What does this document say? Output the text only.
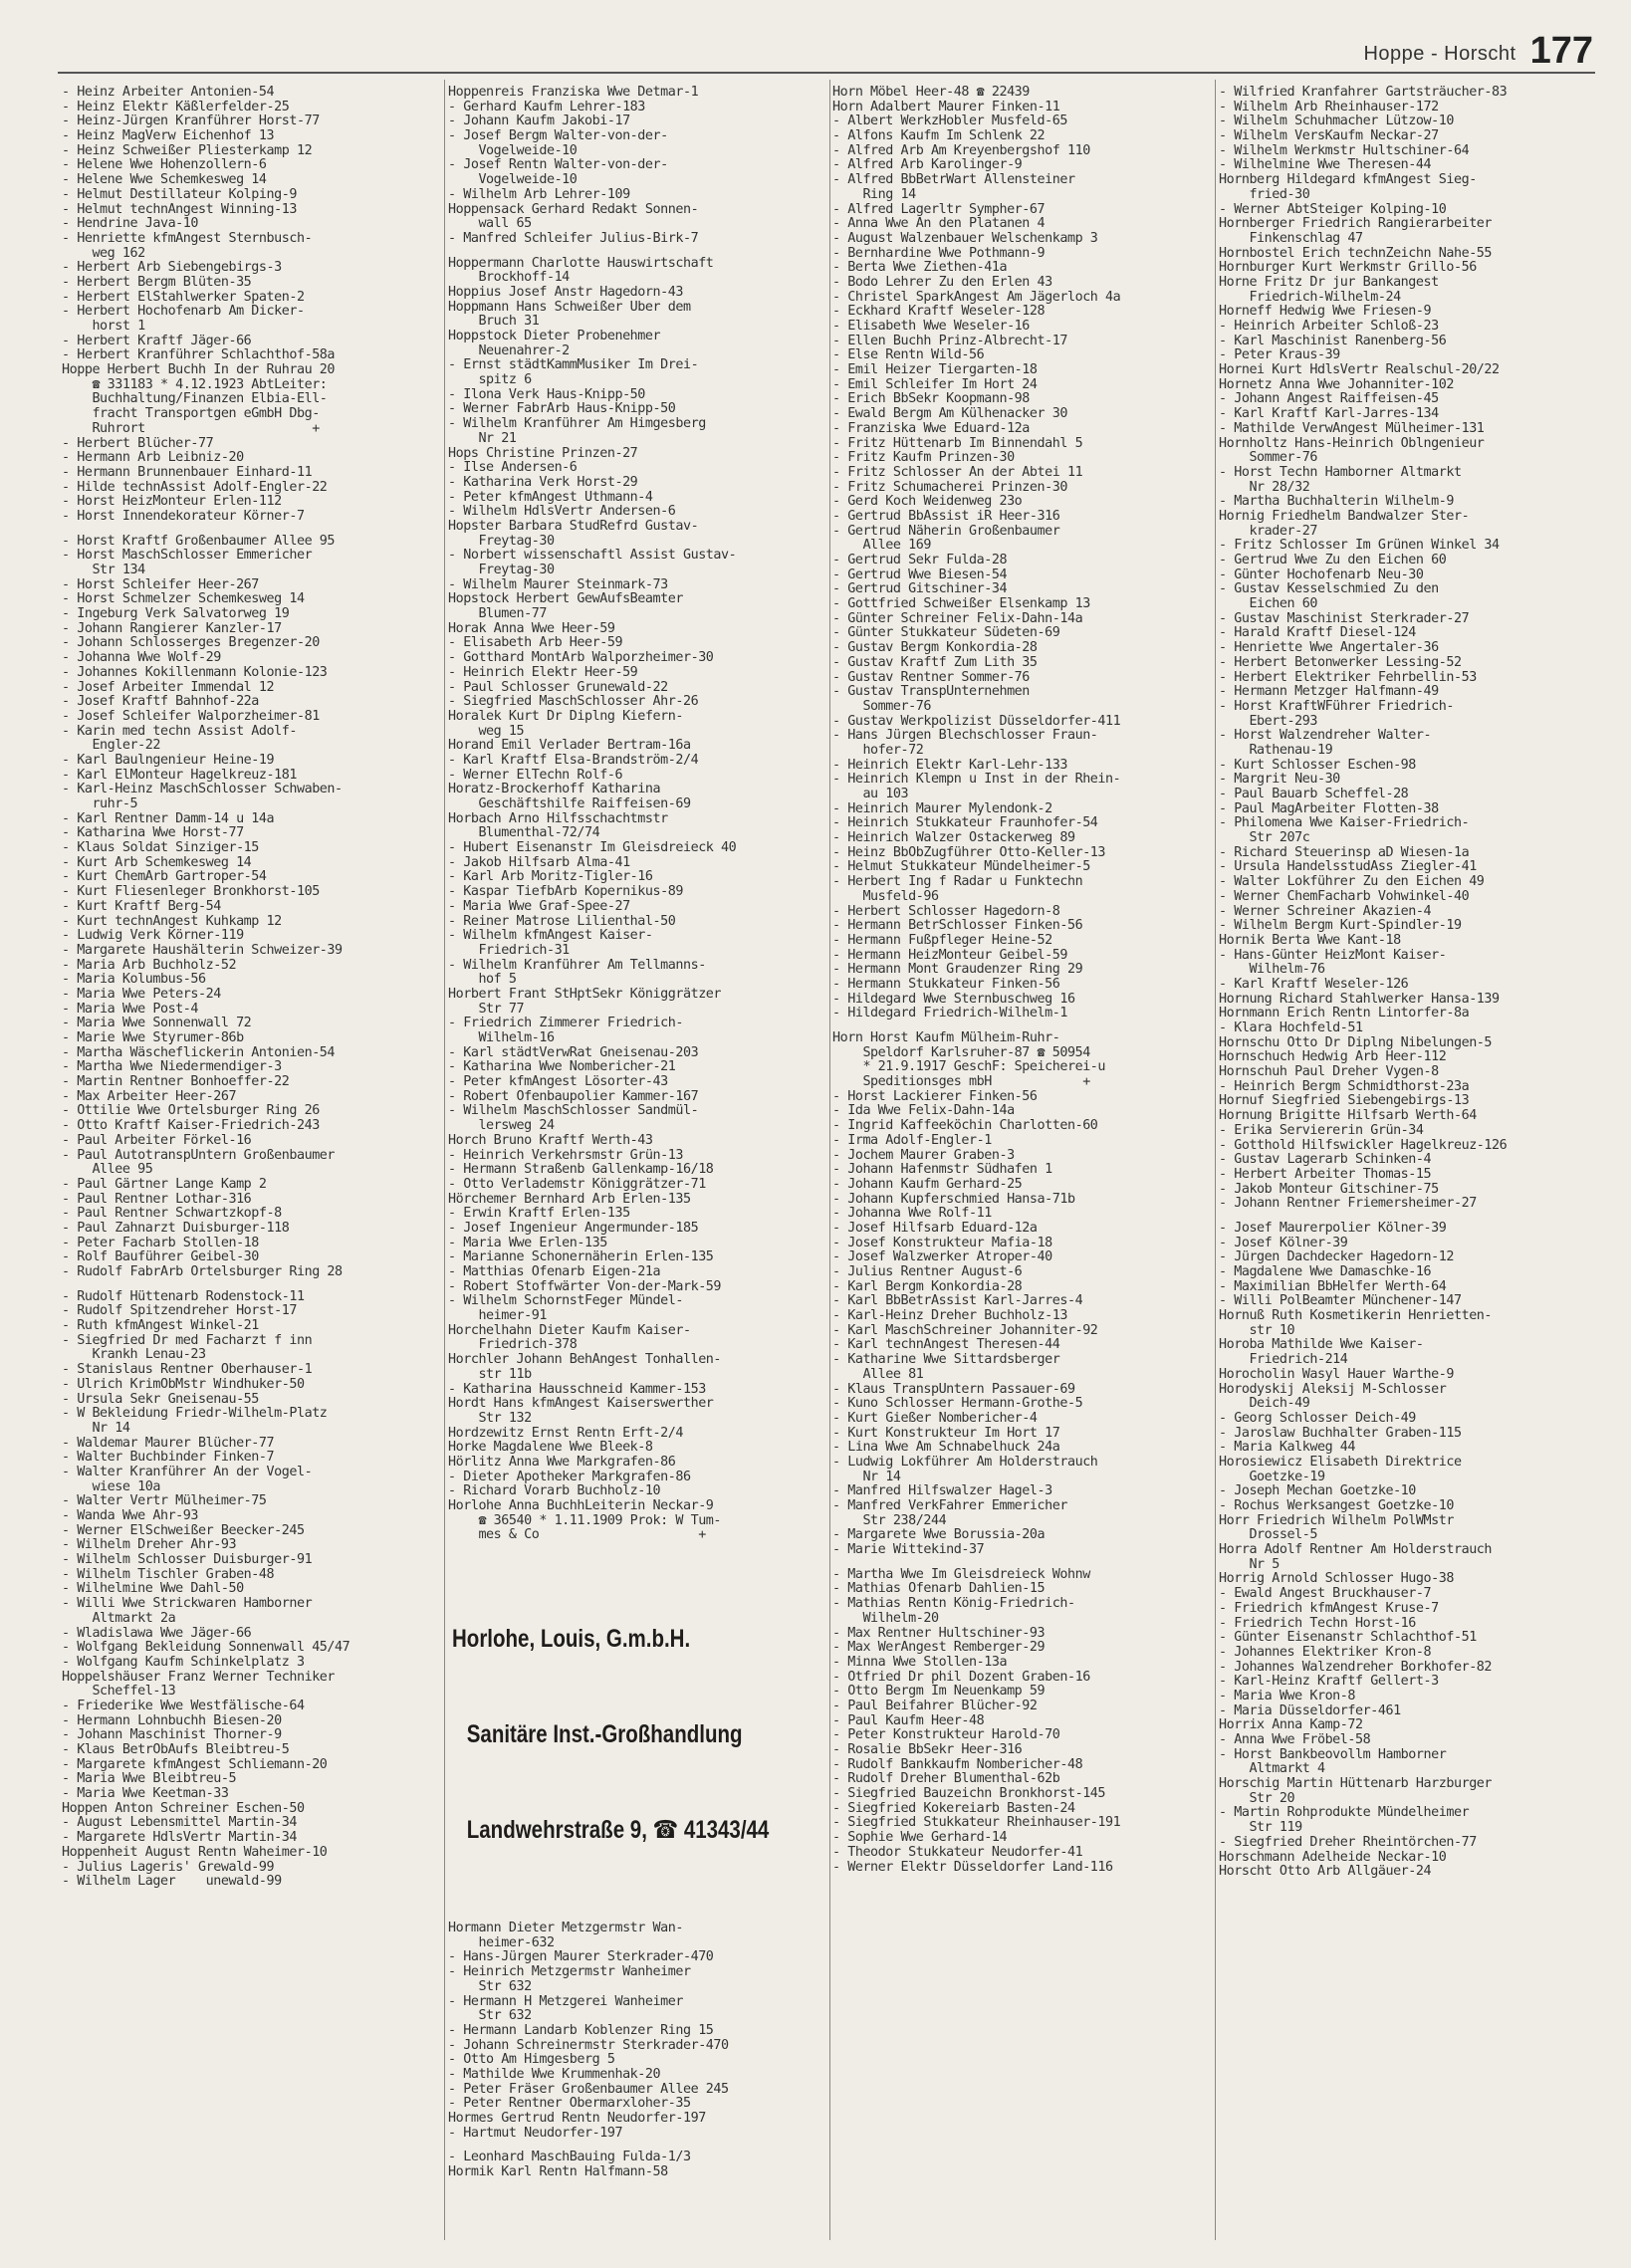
Hoppe - Horscht 177
- Heinz Arbeiter Antonien-54
- Heinz Elektr Käßlerfelder-25
- Heinz-Jürgen Kranführer Horst-77
- Heinz MagVerw Eichenhof 13
- Heinz Schweißer Pliesterkamp 12
- Helene Wwe Hohenzollern-6
- Helene Wwe Schemkesweg 14
- Helmut Destillateur Kolping-9
- Helmut technAngest Winning-13
- Hendrine Java-10
- Henriette kfmAngest Sternbusch-
weg 162
- Herbert Arb Siebengebirgs-3
- Herbert Bergm Blüten-35
- Herbert ElStahlwerker Spaten-2
- Herbert Hochofenarb Am Dicker-
horst 1
- Herbert Kraftf Jäger-66
- Herbert Kranführer Schlachthof-58a
Hoppe Herbert Buchh In der Ruhrau 20
☎ 331183 * 4.12.1923 AbtLeiter:
Buchhaltung/Finanzen Elbia-Ell-
fracht Transportgen eGmbH Dbg-
Ruhrort                      +
- Herbert Blücher-77
- Hermann Arb Leibniz-20
- Hermann Brunnenbauer Einhard-11
- Hilde technAssist Adolf-Engler-22
- Horst HeizMonteur Erlen-112
- Horst Innendekorateur Körner-7
- Horst Kraftf Großenbaumer Allee 95
- Horst MaschSchlosser Emmericher
Str 134
- Horst Schleifer Heer-267
- Horst Schmelzer Schemkesweg 14
- Ingeburg Verk Salvatorweg 19
- Johann Rangierer Kanzler-17
- Johann Schlosserges Bregenzer-20
- Johanna Wwe Wolf-29
- Johannes Kokillenmann Kolonie-123
- Josef Arbeiter Immendal 12
- Josef Kraftf Bahnhof-22a
- Josef Schleifer Walporzheimer-81
- Karin med techn Assist Adolf-
Engler-22
- Karl Baulngenieur Heine-19
- Karl ElMonteur Hagelkreuz-181
- Karl-Heinz MaschSchlosser Schwaben-
ruhr-5
- Karl Rentner Damm-14 u 14a
- Katharina Wwe Horst-77
- Klaus Soldat Sinziger-15
- Kurt Arb Schemkesweg 14
- Kurt ChemArb Gartroper-54
- Kurt Fliesenleger Bronkhorst-105
- Kurt Kraftf Berg-54
- Kurt technAngest Kuhkamp 12
- Ludwig Verk Körner-119
- Margarete Haushälterin Schweizer-39
- Maria Arb Buchholz-52
- Maria Kolumbus-56
- Maria Wwe Peters-24
- Maria Wwe Post-4
- Maria Wwe Sonnenwall 72
- Marie Wwe Styrumer-86b
- Martha Wäscheflickerin Antonien-54
- Martha Wwe Niedermendiger-3
- Martin Rentner Bonhoeffer-22
- Max Arbeiter Heer-267
- Ottilie Wwe Ortelsburger Ring 26
- Otto Kraftf Kaiser-Friedrich-243
- Paul Arbeiter Förkel-16
- Paul AutotranspUntern Großenbaumer
Allee 95
- Paul Gärtner Lange Kamp 2
- Paul Rentner Lothar-316
- Paul Rentner Schwartzkopf-8
- Paul Zahnarzt Duisburger-118
- Peter Facharb Stollen-18
- Rolf Bauführer Geibel-30
- Rudolf FabrArb Ortelsburger Ring 28
- Rudolf Hüttenarb Rodenstock-11
- Rudolf Spitzendreher Horst-17
- Ruth kfmAngest Winkel-21
- Siegfried Dr med Facharzt f inn
Krankh Lenau-23
- Stanislaus Rentner Oberhauser-1
- Ulrich KrimObMstr Windhuker-50
- Ursula Sekr Gneisenau-55
- W Bekleidung Friedr-Wilhelm-Platz
Nr 14
- Waldemar Maurer Blücher-77
- Walter Buchbinder Finken-7
- Walter Kranführer An der Vogel-
wiese 10a
- Walter Vertr Mülheimer-75
- Wanda Wwe Ahr-93
- Werner ElSchweißer Beecker-245
- Wilhelm Dreher Ahr-93
- Wilhelm Schlosser Duisburger-91
- Wilhelm Tischler Graben-48
- Wilhelmine Wwe Dahl-50
- Willi Wwe Strickwaren Hamborner
Altmarkt 2a
- Wladislawa Wwe Jäger-66
- Wolfgang Bekleidung Sonnenwall 45/47
- Wolfgang Kaufm Schinkelplatz 3
Hoppelshäuser Franz Werner Techniker
Scheffel-13
- Friederike Wwe Westfälische-64
- Hermann Lohnbuchh Biesen-20
- Johann Maschinist Thorner-9
- Klaus BetrObAufs Bleibtreu-5
- Margarete kfmAngest Schliemann-20
- Maria Wwe Bleibtreu-5
- Maria Wwe Keetman-33
Hoppen Anton Schreiner Eschen-50
- August Lebensmittel Martin-34
- Margarete HdlsVertr Martin-34
Hoppenheit August Rentn Waheimer-10
- Julius Lageris' Grewald-99
- Wilhelm Lager    unewald-99
Hoppenreis Franziska Wwe Detmar-1
- Gerhard Kaufm Lehrer-183
- Johann Kaufm Jakobi-17
- Josef Bergm Walter-von-der-
Vogelweide-10
- Josef Rentn Walter-von-der-
Vogelweide-10
- Wilhelm Arb Lehrer-109
Hoppensack Gerhard Redakt Sonnen-
wall 65
- Manfred Schleifer Julius-Birk-7
Hoppermann Charlotte Hauswirtschaft
Brockhoff-14
Hoppius Josef Anstr Hagedorn-43
Hoppmann Hans Schweißer Über dem
Bruch 31
Hoppstock Dieter Probenehmer
Neuenahrer-2
- Ernst städtKammMusiker Im Drei-
spitz 6
- Ilona Verk Haus-Knipp-50
- Werner FabrArb Haus-Knipp-50
- Wilhelm Kranführer Am Himgesberg
Nr 21
Hops Christine Prinzen-27
- Ilse Andersen-6
- Katharina Verk Horst-29
- Peter kfmAngest Uthmann-4
- Wilhelm HdlsVertr Andersen-6
Hopster Barbara StudRefrd Gustav-
Freytag-30
- Norbert wissenschaftl Assist Gustav-
Freytag-30
- Wilhelm Maurer Steinmark-73
Hopstock Herbert GewAufsBeamter
Blumen-77
Horak Anna Wwe Heer-59
- Elisabeth Arb Heer-59
- Gotthard MontArb Walporzheimer-30
- Heinrich Elektr Heer-59
- Paul Schlosser Grunewald-22
- Siegfried MaschSchlosser Ahr-26
Horalek Kurt Dr Diplng Kiefern-
weg 15
Horand Emil Verlader Bertram-16a
- Karl Kraftf Elsa-Brandström-2/4
- Werner ElTechn Rolf-6
Horatz-Brockerhoff Katharina
Geschäftshilfe Raiffeisen-69
Horbach Arno Hilfsschachtmstr
Blumenthal-72/74
- Hubert Eisenanstr Im Gleisdreieck 40
- Jakob Hilfsarb Alma-41
- Karl Arb Moritz-Tigler-16
- Kaspar TiefbArb Kopernikus-89
- Maria Wwe Graf-Spee-27
- Reiner Matrose Lilienthal-50
- Wilhelm kfmAngest Kaiser-
Friedrich-31
- Wilhelm Kranführer Am Tellmanns-
hof 5
Horbert Frant StHptSekr Königgrätzer
Str 77
- Friedrich Zimmerer Friedrich-
Wilhelm-16
- Karl städtVerwRat Gneisenau-203
- Katharina Wwe Nombericher-21
- Peter kfmAngest Lösorter-43
- Robert Ofenbaupolier Kammer-167
- Wilhelm MaschSchlosser Sandmül-
lersweg 24
Horch Bruno Kraftf Werth-43
- Heinrich Verkehrsmstr Grün-13
- Hermann Straßenb Gallenkamp-16/18
- Otto Verlademstr Königgrätzer-71
Hörchemer Bernhard Arb Erlen-135
- Erwin Kraftf Erlen-135
- Josef Ingenieur Angermunder-185
- Maria Wwe Erlen-135
- Marianne Schonernäherin Erlen-135
- Matthias Ofenarb Eigen-21a
- Robert Stoffwärter Von-der-Mark-59
- Wilhelm SchornstFeger Mündel-
heimer-91
Horchelhahn Dieter Kaufm Kaiser-
Friedrich-378
Horchler Johann BehAngest Tonhallen-
str 11b
- Katharina Hausschneid Kammer-153
Hordt Hans kfmAngest Kaiserswerther
Str 132
Hordzewitz Ernst Rentn Erft-2/4
Horke Magdalene Wwe Bleek-8
Hörlitz Anna Wwe Markgrafen-86
- Dieter Apotheker Markgrafen-86
- Richard Vorarb Buchholz-10
Horlohe Anna BuchhLeiterin Neckar-9
☎ 36540 * 1.11.1909 Prok: W Tum-
mes & Co                     +

Horlohe, Louis, G.m.b.H.

Sanitäre Inst.-Großhandlung

Landwehrstraße 9, ☎ 41343/44

Hormann Dieter Metzgermstr Wan-
heimer-632
- Hans-Jürgen Maurer Sterkrader-470
- Heinrich Metzgermstr Wanheimer
Str 632
- Hermann H Metzgerei Wanheimer
Str 632
- Hermann Landarb Koblenzer Ring 15
- Johann Schreinermstr Sterkrader-470
- Otto Am Himgesberg 5
- Mathilde Wwe Krummenhak-20
- Peter Fräser Großenbaumer Allee 245
- Peter Rentner Obermarxloher-35
Hormes Gertrud Rentn Neudorfer-197
- Hartmut Neudorfer-197
- Leonhard MaschBauing Fulda-1/3
Hormik Karl Rentn Halfmann-58
Horn Möbel Heer-48 ☎ 22439
Horn Adalbert Maurer Finken-11
- Albert WerkzHobler Musfeld-65
- Alfons Kaufm Im Schlenk 22
- Alfred Arb Am Kreyenbergshof 110
- Alfred Arb Karolinger-9
- Alfred BbBetrWart Allensteiner
Ring 14
- Alfred Lagerltr Sympher-67
- Anna Wwe An den Platanen 4
- August Walzenbauer Welschenkamp 3
- Bernhardine Wwe Pothmann-9
- Berta Wwe Ziethen-41a
- Bodo Lehrer Zu den Erlen 43
- Christel SparkAngest Am Jägerloch 4a
- Eckhard Kraftf Weseler-128
- Elisabeth Wwe Weseler-16
- Ellen Buchh Prinz-Albrecht-17
- Else Rentn Wild-56
- Emil Heizer Tiergarten-18
- Emil Schleifer Im Hort 24
- Erich BbSekr Koopmann-98
- Ewald Bergm Am Külhenacker 30
- Franziska Wwe Eduard-12a
- Fritz Hüttenarb Im Binnendahl 5
- Fritz Kaufm Prinzen-30
- Fritz Schlosser An der Abtei 11
- Fritz Schumacherei Prinzen-30
- Gerd Koch Weidenweg 23o
- Gertrud BbAssist iR Heer-316
- Gertrud Näherin Großenbaumer
Allee 169
- Gertrud Sekr Fulda-28
- Gertrud Wwe Biesen-54
- Gertrud Gitschiner-34
- Gottfried Schweißer Elsenkamp 13
- Günter Schreiner Felix-Dahn-14a
- Günter Stukkateur Südeten-69
- Gustav Bergm Konkordia-28
- Gustav Kraftf Zum Lith 35
- Gustav Rentner Sommer-76
- Gustav TranspUnternehmen
Sommer-76
- Gustav Werkpolizist Düsseldorfer-411
- Hans Jürgen Blechschlosser Fraun-
hofer-72
- Heinrich Elektr Karl-Lehr-133
- Heinrich Klempn u Inst in der Rhein-
au 103
- Heinrich Maurer Mylendonk-2
- Heinrich Stukkateur Fraunhofer-54
- Heinrich Walzer Ostackerweg 89
- Heinz BbObZugführer Otto-Keller-13
- Helmut Stukkateur Mündelheimer-5
- Herbert Ing f Radar u Funktechn
Musfeld-96
- Herbert Schlosser Hagedorn-8
- Hermann BetrSchlosser Finken-56
- Hermann Fußpfleger Heine-52
- Hermann HeizMonteur Geibel-59
- Hermann Mont Graudenzer Ring 29
- Hermann Stukkateur Finken-56
- Hildegard Wwe Sternbuschweg 16
- Hildegard Friedrich-Wilhelm-1
Horn Horst Kaufm Mülheim-Ruhr-
Speldorf Karlsruher-87 ☎ 50954
* 21.9.1917 GeschF: Speicherei-u
Speditionsges mbH            +
- Horst Lackierer Finken-56
- Ida Wwe Felix-Dahn-14a
- Ingrid Kaffeeköchin Charlotten-60
- Irma Adolf-Engler-1
- Jochem Maurer Graben-3
- Johann Hafenmstr Südhafen 1
- Johann Kaufm Gerhard-25
- Johann Kupferschmied Hansa-71b
- Johanna Wwe Rolf-11
- Josef Hilfsarb Eduard-12a
- Josef Konstrukteur Mafia-18
- Josef Walzwerker Atroper-40
- Julius Rentner August-6
- Karl Bergm Konkordia-28
- Karl BbBetrAssist Karl-Jarres-4
- Karl-Heinz Dreher Buchholz-13
- Karl MaschSchreiner Johanniter-92
- Karl technAngest Theresen-44
- Katharine Wwe Sittardsberger
Allee 81
- Klaus TranspUntern Passauer-69
- Kuno Schlosser Hermann-Grothe-5
- Kurt Gießer Nombericher-4
- Kurt Konstrukteur Im Hort 17
- Lina Wwe Am Schnabelhuck 24a
- Ludwig Lokführer Am Holderstrauch
Nr 14
- Manfred Hilfswalzer Hagel-3
- Manfred VerkFahrer Emmericher
Str 238/244
- Margarete Wwe Borussia-20a
- Marie Wittekind-37
- Martha Wwe Im Gleisdreieck Wohnw
- Mathias Ofenarb Dahlien-15
- Mathias Rentn König-Friedrich-
Wilhelm-20
- Max Rentner Hultschiner-93
- Max WerAngest Remberger-29
- Minna Wwe Stollen-13a
- Otfried Dr phil Dozent Graben-16
- Otto Bergm Im Neuenkamp 59
- Paul Beifahrer Blücher-92
- Paul Kaufm Heer-48
- Peter Konstrukteur Harold-70
- Rosalie BbSekr Heer-316
- Rudolf Bankkaufm Nombericher-48
- Rudolf Dreher Blumenthal-62b
- Siegfried Bauzeichn Bronkhorst-145
- Siegfried Kokereiarb Basten-24
- Siegfried Stukkateur Rheinhauser-191
- Sophie Wwe Gerhard-14
- Theodor Stukkateur Neudorfer-41
- Werner Elektr Düsseldorfer Land-116
- Wilfried Kranfahrer Gartsträucher-83
- Wilhelm Arb Rheinhauser-172
- Wilhelm Schuhmacher Lützow-10
- Wilhelm VersKaufm Neckar-27
- Wilhelm Werkmstr Hultschiner-64
- Wilhelmine Wwe Theresen-44
Hornberg Hildegard kfmAngest Sieg-
fried-30
- Werner AbtSteiger Kolping-10
Hornberger Friedrich Rangierarbeiter
Finkenschlag 47
Hornbostel Erich technZeichn Nahe-55
Hornburger Kurt Werkmstr Grillo-56
Horne Fritz Dr jur Bankangest
Friedrich-Wilhelm-24
Horneff Hedwig Wwe Friesen-9
- Heinrich Arbeiter Schloß-23
- Karl Maschinist Ranenberg-56
- Peter Kraus-39
Hornei Kurt HdlsVertr Realschul-20/22
Hornetz Anna Wwe Johanniter-102
- Johann Angest Raiffeisen-45
- Karl Kraftf Karl-Jarres-134
- Mathilde VerwAngest Mülheimer-131
Hornholtz Hans-Heinrich Oblngenieur
Sommer-76
- Horst Techn Hamborner Altmarkt
Nr 28/32
- Martha Buchhalterin Wilhelm-9
Hornig Friedhelm Bandwalzer Ster-
krader-27
- Fritz Schlosser Im Grünen Winkel 34
- Gertrud Wwe Zu den Eichen 60
- Günter Hochofenarb Neu-30
- Gustav Kesselschmied Zu den
Eichen 60
- Gustav Maschinist Sterkrader-27
- Harald Kraftf Diesel-124
- Henriette Wwe Angertaler-36
- Herbert Betonwerker Lessing-52
- Herbert Elektriker Fehrbellin-53
- Hermann Metzger Halfmann-49
- Horst KraftWFührer Friedrich-
Ebert-293
- Horst Walzendreher Walter-
Rathenau-19
- Kurt Schlosser Eschen-98
- Margrit Neu-30
- Paul Bauarb Scheffel-28
- Paul MagArbeiter Flotten-38
- Philomena Wwe Kaiser-Friedrich-
Str 207c
- Richard Steuerinsp aD Wiesen-1a
- Ursula HandelsstudAss Ziegler-41
- Walter Lokführer Zu den Eichen 49
- Werner ChemFacharb Vohwinkel-40
- Werner Schreiner Akazien-4
- Wilhelm Bergm Kurt-Spindler-19
Hornik Berta Wwe Kant-18
- Hans-Günter HeizMont Kaiser-
Wilhelm-76
- Karl Kraftf Weseler-126
Hornung Richard Stahlwerker Hansa-139
Hornmann Erich Rentn Lintorfer-8a
- Klara Hochfeld-51
Hornschu Otto Dr Diplng Nibelungen-5
Hornschuch Hedwig Arb Heer-112
Hornschuh Paul Dreher Vygen-8
- Heinrich Bergm Schmidthorst-23a
Hornuf Siegfried Siebengebirgs-13
Hornung Brigitte Hilfsarb Werth-64
- Erika Serviererin Grün-34
- Gotthold Hilfswickler Hagelkreuz-126
- Gustav Lagerarb Schinken-4
- Herbert Arbeiter Thomas-15
- Jakob Monteur Gitschiner-75
- Johann Rentner Friemersheimer-27
- Josef Maurerpolier Kölner-39
- Josef Kölner-39
- Jürgen Dachdecker Hagedorn-12
- Magdalene Wwe Damaschke-16
- Maximilian BbHelfer Werth-64
- Willi PolBeamter Münchener-147
Hornuß Ruth Kosmetikerin Henrietten-
str 10
Horoba Mathilde Wwe Kaiser-
Friedrich-214
Horocholin Wasyl Hauer Warthe-9
Horodyskij Aleksij M-Schlosser
Deich-49
- Georg Schlosser Deich-49
- Jaroslaw Buchhalter Graben-115
- Maria Kalkweg 44
Horosiewicz Elisabeth Direktrice
Goetzke-19
- Joseph Mechan Goetzke-10
- Rochus Werksangest Goetzke-10
Horr Friedrich Wilhelm PolWMstr
Drossel-5
Horra Adolf Rentner Am Holderstrauch
Nr 5
Horrig Arnold Schlosser Hugo-38
- Ewald Angest Bruckhauser-7
- Friedrich kfmAngest Kruse-7
- Friedrich Techn Horst-16
- Günter Eisenanstr Schlachthof-51
- Johannes Elektriker Kron-8
- Johannes Walzendreher Borkhofer-82
- Karl-Heinz Kraftf Gellert-3
- Maria Wwe Kron-8
- Maria Düsseldorfer-461
Horrix Anna Kamp-72
- Anna Wwe Fröbel-58
- Horst Bankbeovollm Hamborner
Altmarkt 4
Horschig Martin Hüttenarb Harzburger
Str 20
- Martin Rohprodukte Mündelheimer
Str 119
- Siegfried Dreher Rheintörchen-77
Horschmann Adelheide Neckar-10
Horscht Otto Arb Allgäuer-24
